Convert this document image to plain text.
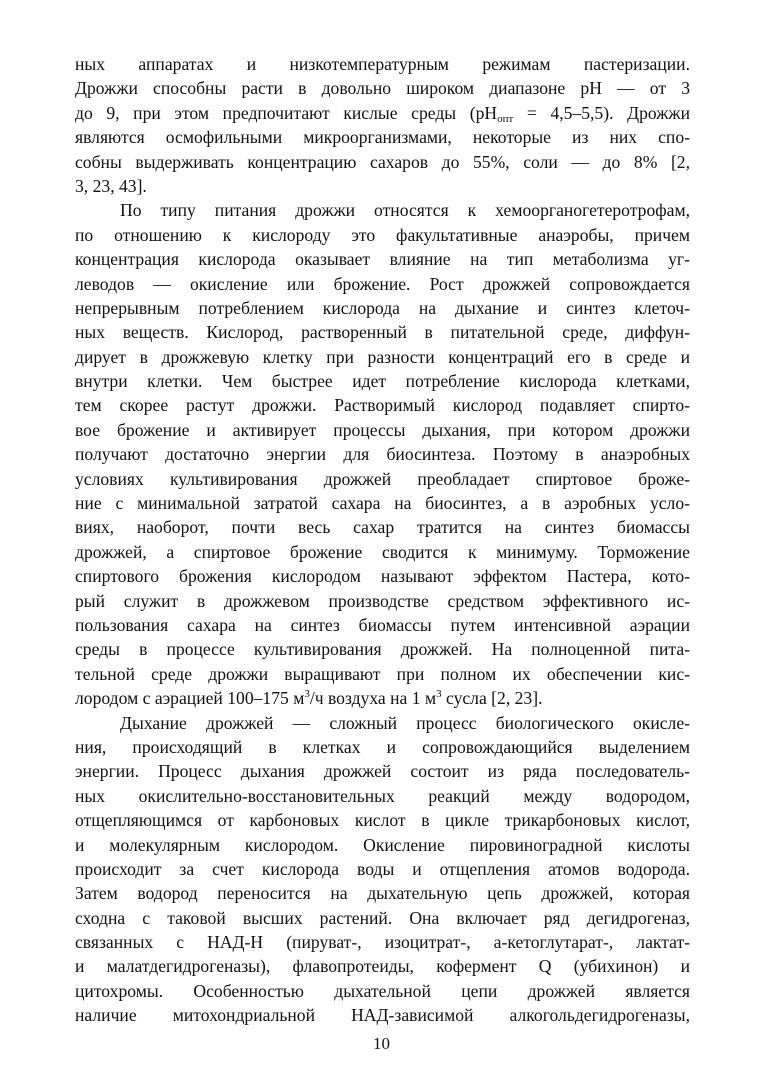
ных аппаратах и низкотемпературным режимам пастеризации.
Дрожжи способны расти в довольно широком диапазоне pH — от 3
до 9, при этом предпочитают кислые среды $(pH_{опт} = 4,5-5,5)$. Дрожжи
являются осмофильными микроорганизмами, некоторые из них спо-
собны выдерживать концентрацию сахаров до 55%, соли — до 8% [2,
3, 23, 43].
По типу питания дрожжи относятся к хемоорганогетеротрофам,
по отношению к кислороду это факультативные анаэробы, причем
концентрация кислорода оказывает влияние на тип метаболизма уг-
леводов — окисление или брожение. Рост дрожжей сопровождается
непрерывным потреблением кислорода на дыхание и синтез клеточ-
ных веществ. Кислород, растворенный в питательной среде, диффун-
дирует в дрожжевую клетку при разности концентраций его в среде и
внутри клетки. Чем быстрее идет потребление кислорода клетками,
тем скорее растут дрожжи. Растворимый кислород подавляет спирто-
вое брожение и активирует процессы дыхания, при котором дрожжи
получают достаточно энергии для биосинтеза. Поэтому в анаэробных
условиях культивирования дрожжей преобладает спиртовое броже-
ние с минимальной затратой сахара на биосинтез, а в аэробных усло-
виях, наоборот, почти весь сахар тратится на синтез биомассы
дрожжей, а спиртовое брожение сводится к минимуму. Торможение
спиртового брожения кислородом называют эффектом Пастера, кото-
рый служит в дрожжевом производстве средством эффективного ис-
пользования сахара на синтез биомассы путем интенсивной аэрации
среды в процессе культивирования дрожжей. На полноценной пита-
тельной среде дрожжи выращивают при полном их обеспечении кис-
лородом с аэрацией 100–175 $м^3/ч$ воздуха на 1 $м^3$ сусла [2, 23].
Дыхание дрожжей — сложный процесс биологического окисле-
ния, происходящий в клетках и сопровождающийся выделением
энергии. Процесс дыхания дрожжей состоит из ряда последователь-
ных окислительно-восстановительных реакций между водородом,
отщепляющимся от карбоновых кислот в цикле трикарбоновых кислот,
и молекулярным кислородом. Окисление пировиноградной кислоты
происходит за счет кислорода воды и отщепления атомов водорода.
Затем водород переносится на дыхательную цепь дрожжей, которая
сходна с таковой высших растений. Она включает ряд дегидрогеназ,
связанных с НАД-Н (пируват-, изоцитрат-, а-кетоглутарат-, лактат-
и малатдегидрогеназы), флавопротеиды, кофермент Q (убихинон) и
цитохромы. Особенностью дыхательной цепи дрожжей является
наличие митохондриальной НАД-зависимой алкогольдегидрогеназы,
10
